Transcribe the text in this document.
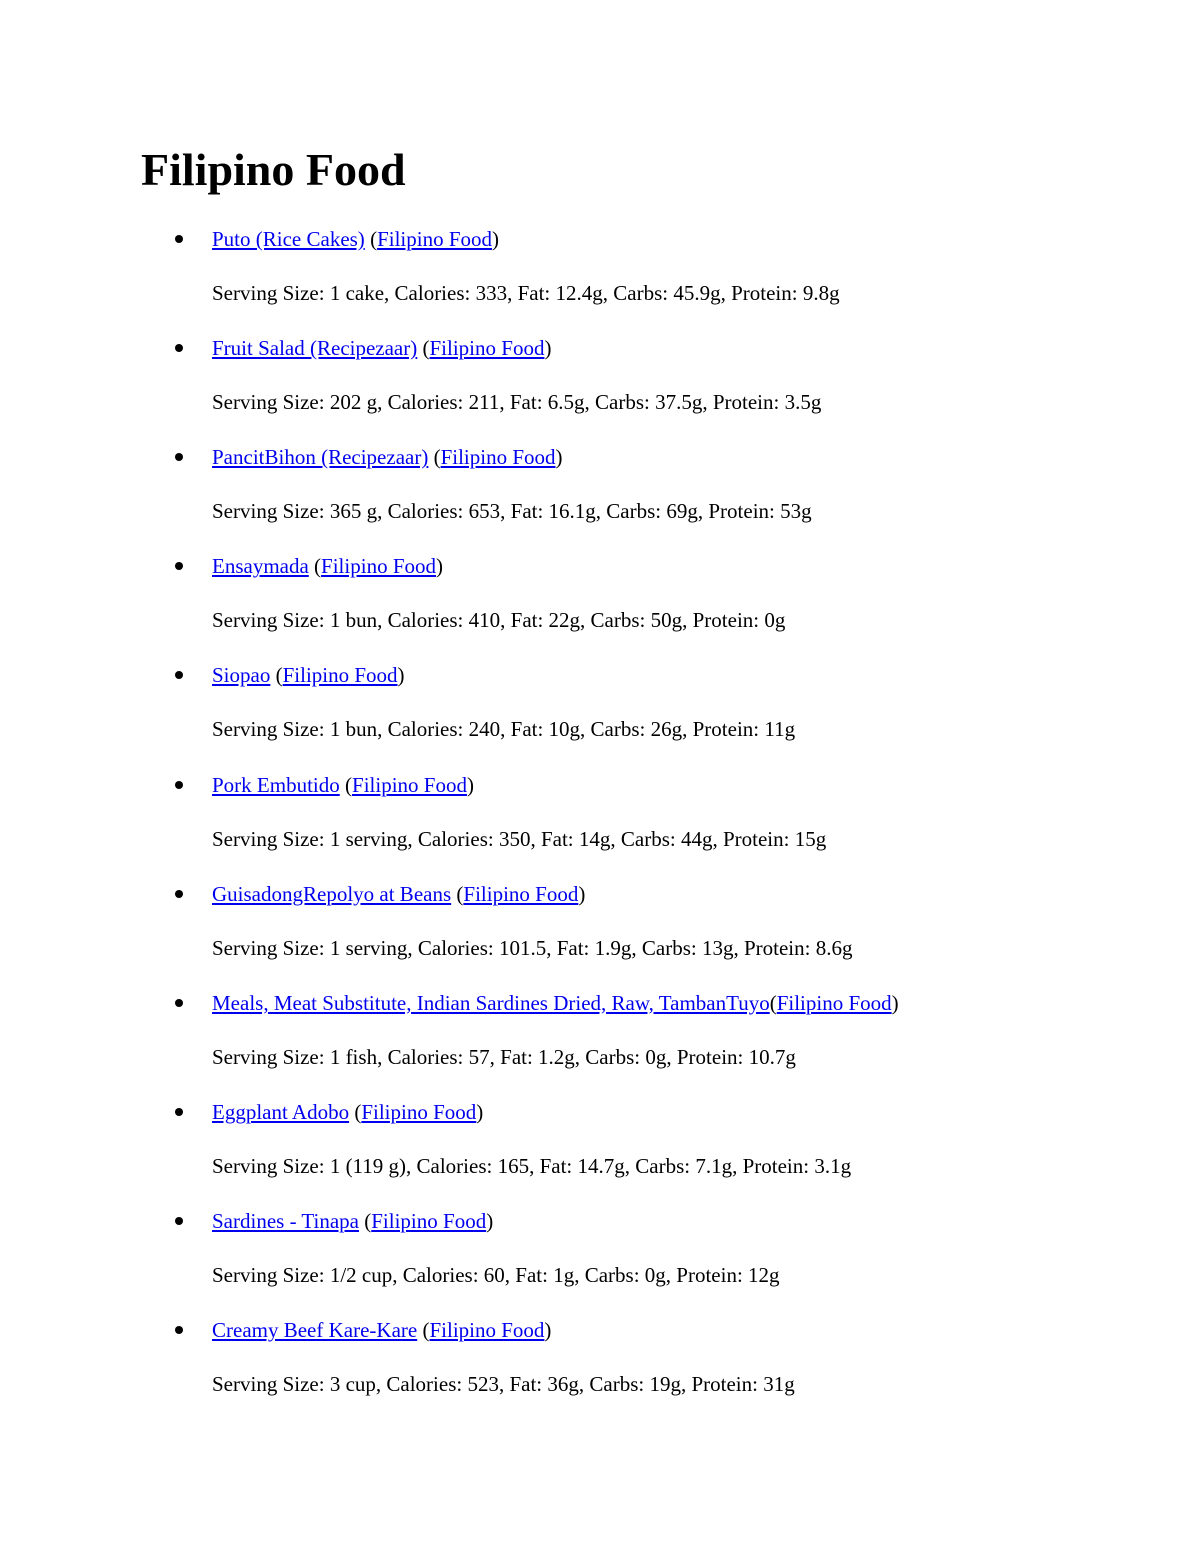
Filipino Food
Puto (Rice Cakes) (Filipino Food)
Serving Size: 1 cake, Calories: 333, Fat: 12.4g, Carbs: 45.9g, Protein: 9.8g
Fruit Salad (Recipezaar) (Filipino Food)
Serving Size: 202 g, Calories: 211, Fat: 6.5g, Carbs: 37.5g, Protein: 3.5g
PancitBihon (Recipezaar) (Filipino Food)
Serving Size: 365 g, Calories: 653, Fat: 16.1g, Carbs: 69g, Protein: 53g
Ensaymada (Filipino Food)
Serving Size: 1 bun, Calories: 410, Fat: 22g, Carbs: 50g, Protein: 0g
Siopao (Filipino Food)
Serving Size: 1 bun, Calories: 240, Fat: 10g, Carbs: 26g, Protein: 11g
Pork Embutido (Filipino Food)
Serving Size: 1 serving, Calories: 350, Fat: 14g, Carbs: 44g, Protein: 15g
GuisadongRepolyo at Beans (Filipino Food)
Serving Size: 1 serving, Calories: 101.5, Fat: 1.9g, Carbs: 13g, Protein: 8.6g
Meals, Meat Substitute, Indian Sardines Dried, Raw, TambanTuyo(Filipino Food)
Serving Size: 1 fish, Calories: 57, Fat: 1.2g, Carbs: 0g, Protein: 10.7g
Eggplant Adobo (Filipino Food)
Serving Size: 1 (119 g), Calories: 165, Fat: 14.7g, Carbs: 7.1g, Protein: 3.1g
Sardines - Tinapa (Filipino Food)
Serving Size: 1/2 cup, Calories: 60, Fat: 1g, Carbs: 0g, Protein: 12g
Creamy Beef Kare-Kare (Filipino Food)
Serving Size: 3 cup, Calories: 523, Fat: 36g, Carbs: 19g, Protein: 31g
